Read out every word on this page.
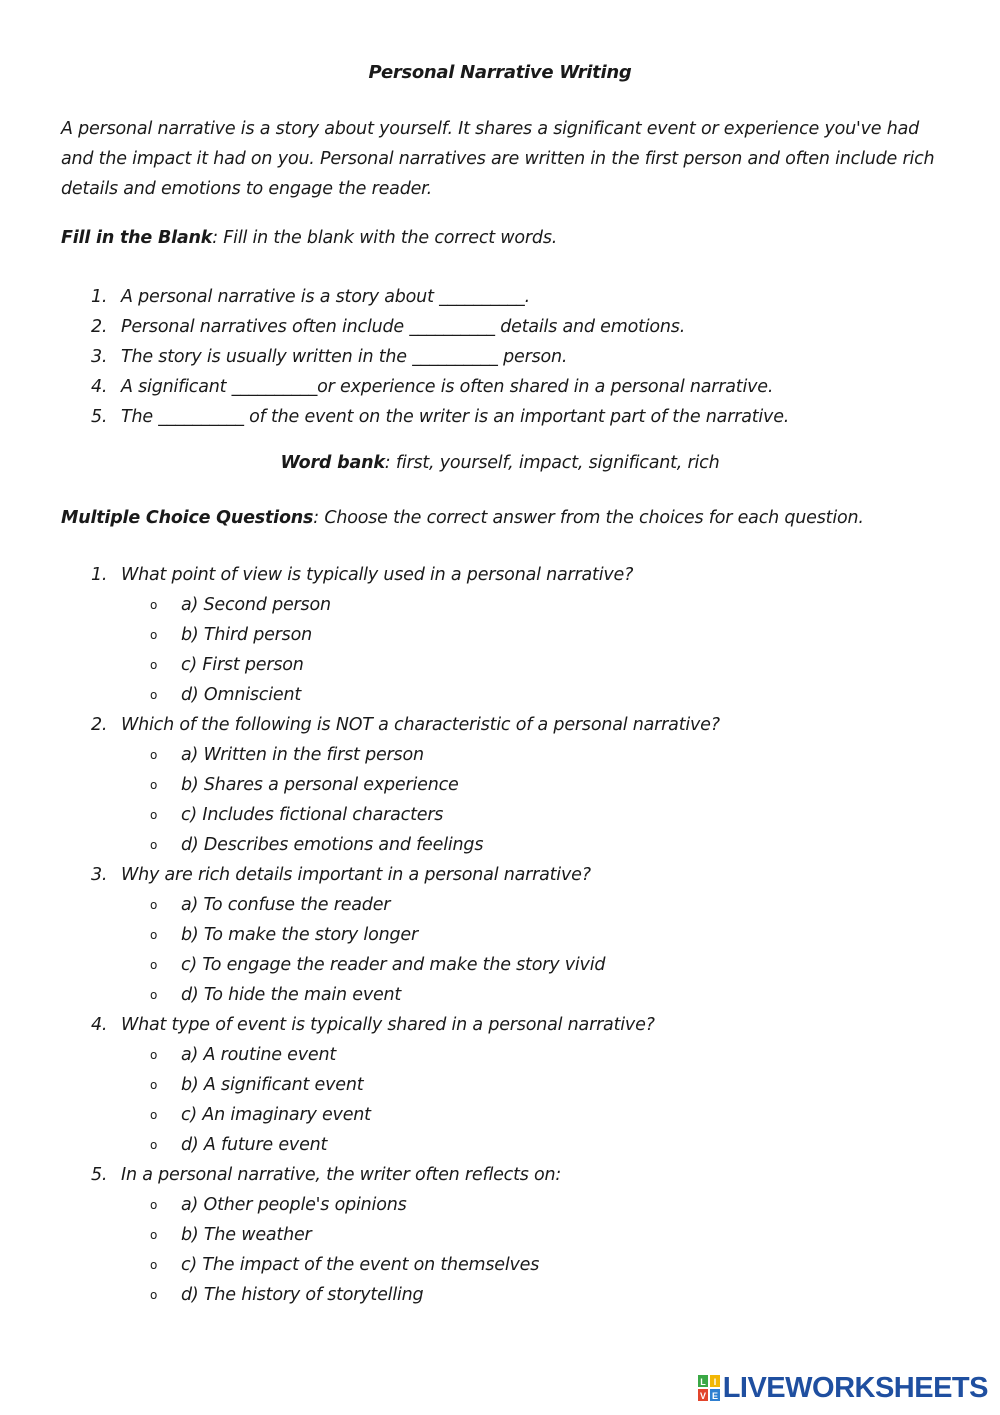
Personal Narrative Writing
A personal narrative is a story about yourself. It shares a significant event or experience you've had and the impact it had on you. Personal narratives are written in the first person and often include rich details and emotions to engage the reader.
Fill in the Blank: Fill in the blank with the correct words.
1. A personal narrative is a story about __________.
2. Personal narratives often include __________ details and emotions.
3. The story is usually written in the __________ person.
4. A significant __________or experience is often shared in a personal narrative.
5. The __________ of the event on the writer is an important part of the narrative.
Word bank: first, yourself, impact, significant, rich
Multiple Choice Questions: Choose the correct answer from the choices for each question.
1. What point of view is typically used in a personal narrative?
o a) Second person
o b) Third person
o c) First person
o d) Omniscient
2. Which of the following is NOT a characteristic of a personal narrative?
o a) Written in the first person
o b) Shares a personal experience
o c) Includes fictional characters
o d) Describes emotions and feelings
3. Why are rich details important in a personal narrative?
o a) To confuse the reader
o b) To make the story longer
o c) To engage the reader and make the story vivid
o d) To hide the main event
4. What type of event is typically shared in a personal narrative?
o a) A routine event
o b) A significant event
o c) An imaginary event
o d) A future event
5. In a personal narrative, the writer often reflects on:
o a) Other people's opinions
o b) The weather
o c) The impact of the event on themselves
o d) The history of storytelling
L I
V E LIVEWORKSHEETS
